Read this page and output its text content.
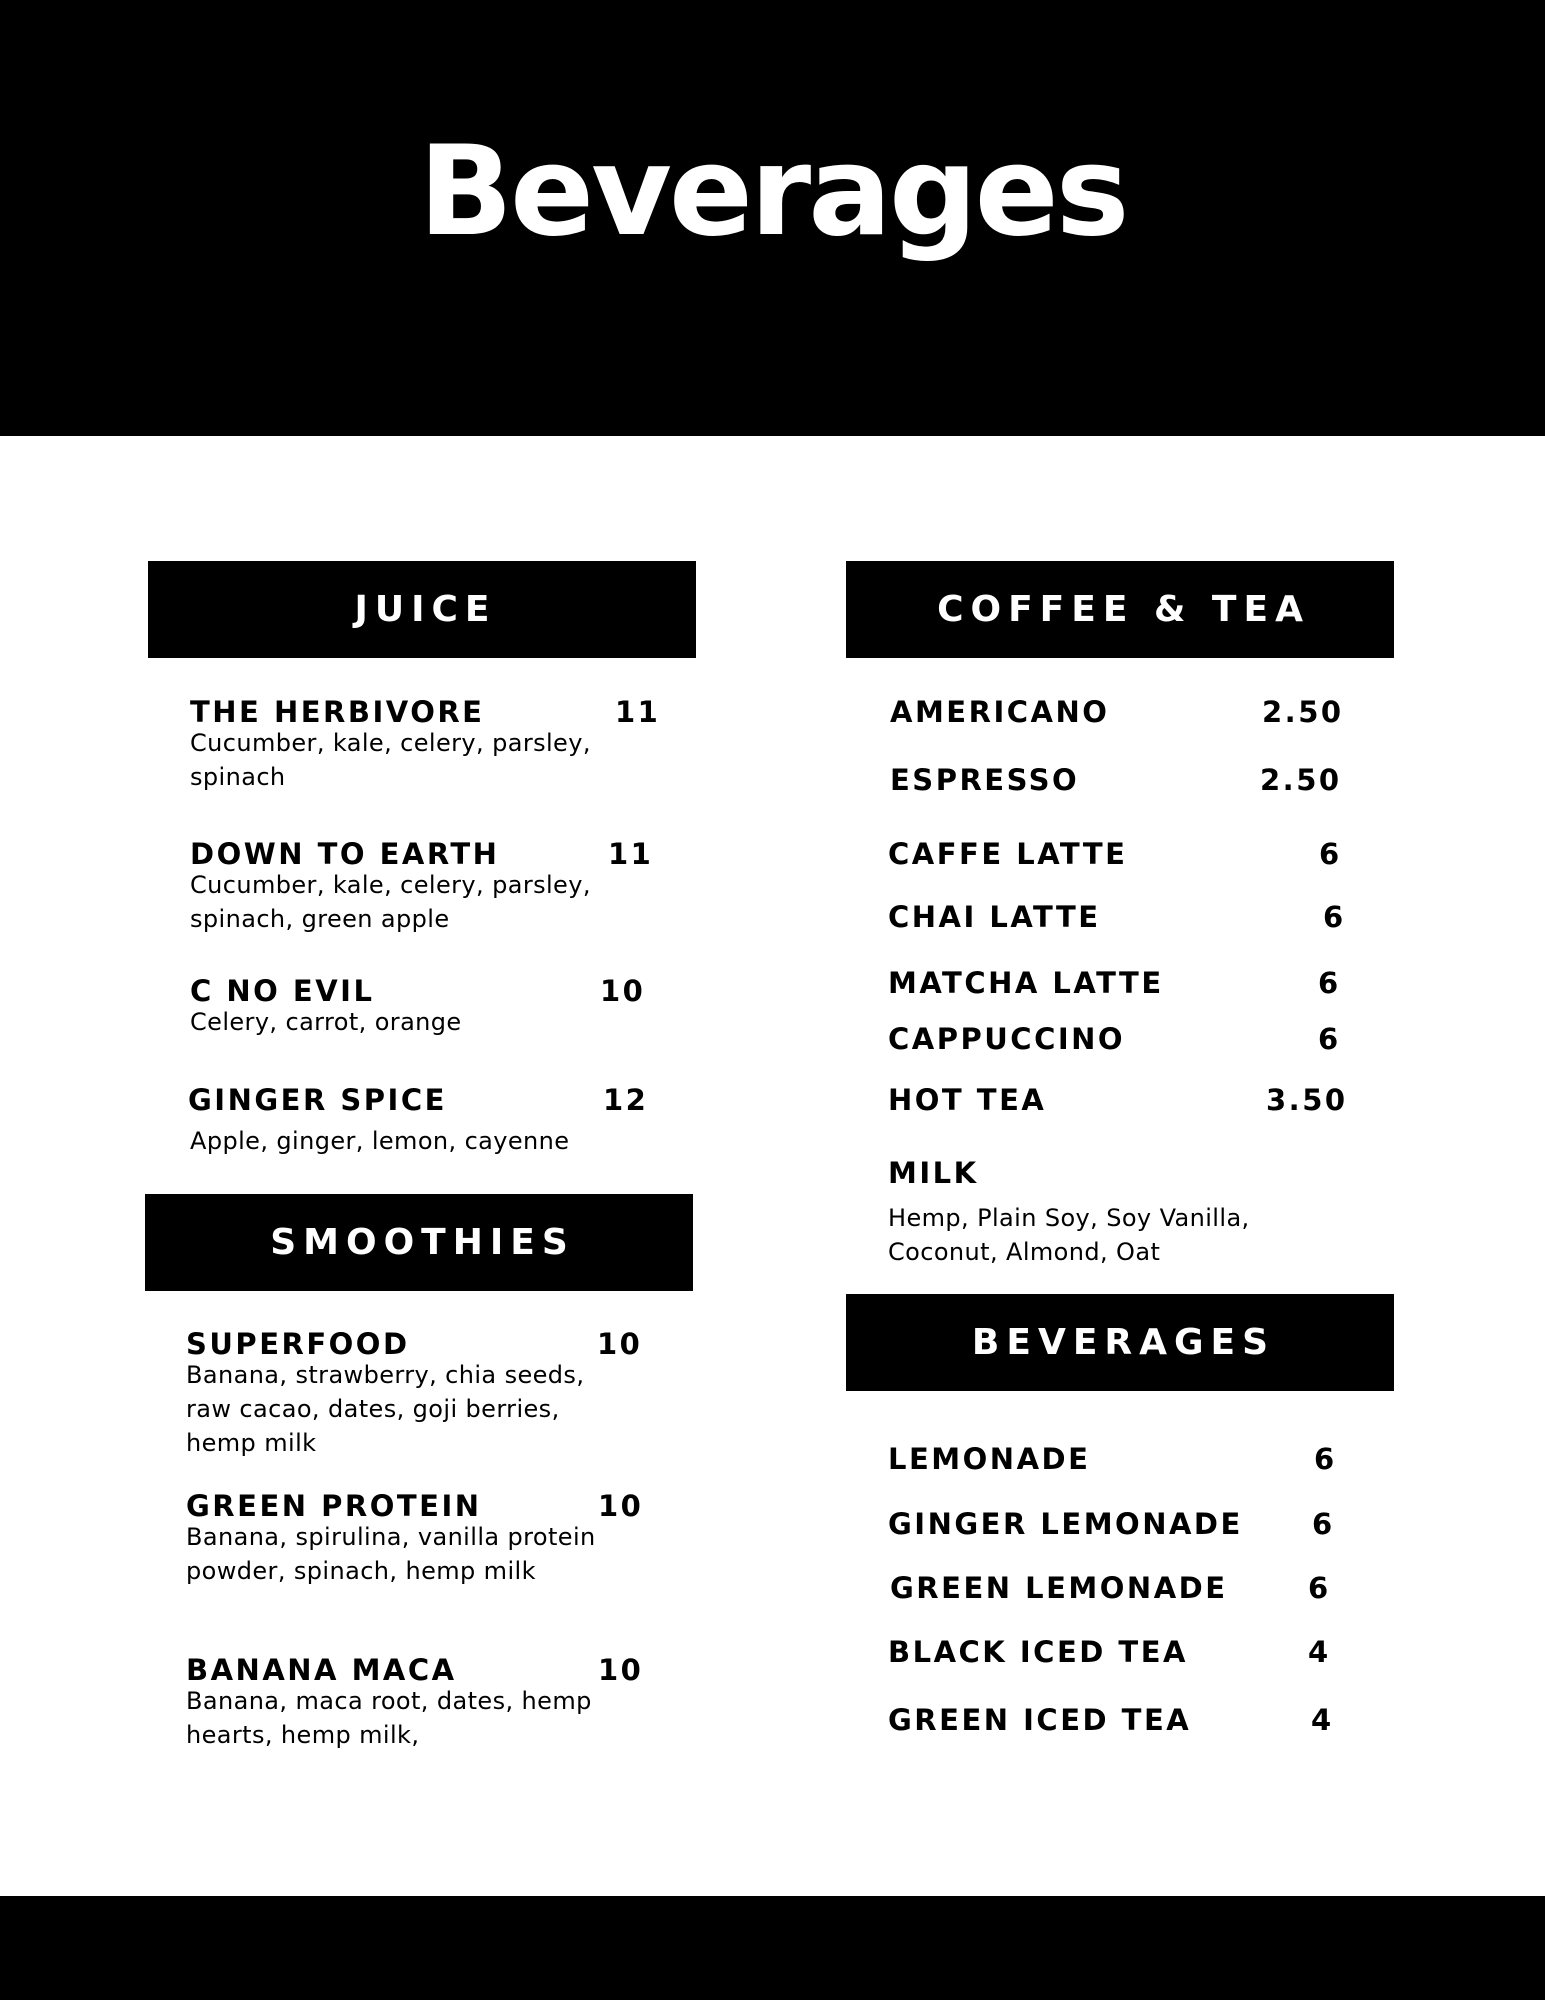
Beverages
JUICE
THE HERBIVORE	11
Cucumber, kale, celery, parsley, spinach
DOWN TO EARTH	11
Cucumber, kale, celery, parsley, spinach, green apple
C NO EVIL	10
Celery, carrot, orange
GINGER SPICE	12
Apple, ginger, lemon, cayenne
SMOOTHIES
SUPERFOOD	10
Banana, strawberry, chia seeds, raw cacao, dates, goji berries, hemp milk
GREEN PROTEIN	10
Banana, spirulina, vanilla protein powder, spinach, hemp milk
BANANA MACA	10
Banana, maca root, dates, hemp hearts, hemp milk,
COFFEE & TEA
AMERICANO	2.50
ESPRESSO	2.50
CAFFE LATTE	6
CHAI LATTE	6
MATCHA LATTE	6
CAPPUCCINO	6
HOT TEA	3.50
MILK
Hemp, Plain Soy, Soy Vanilla, Coconut, Almond, Oat
BEVERAGES
LEMONADE	6
GINGER LEMONADE 6
GREEN LEMONADE	6
BLACK ICED TEA	4
GREEN ICED TEA	4
